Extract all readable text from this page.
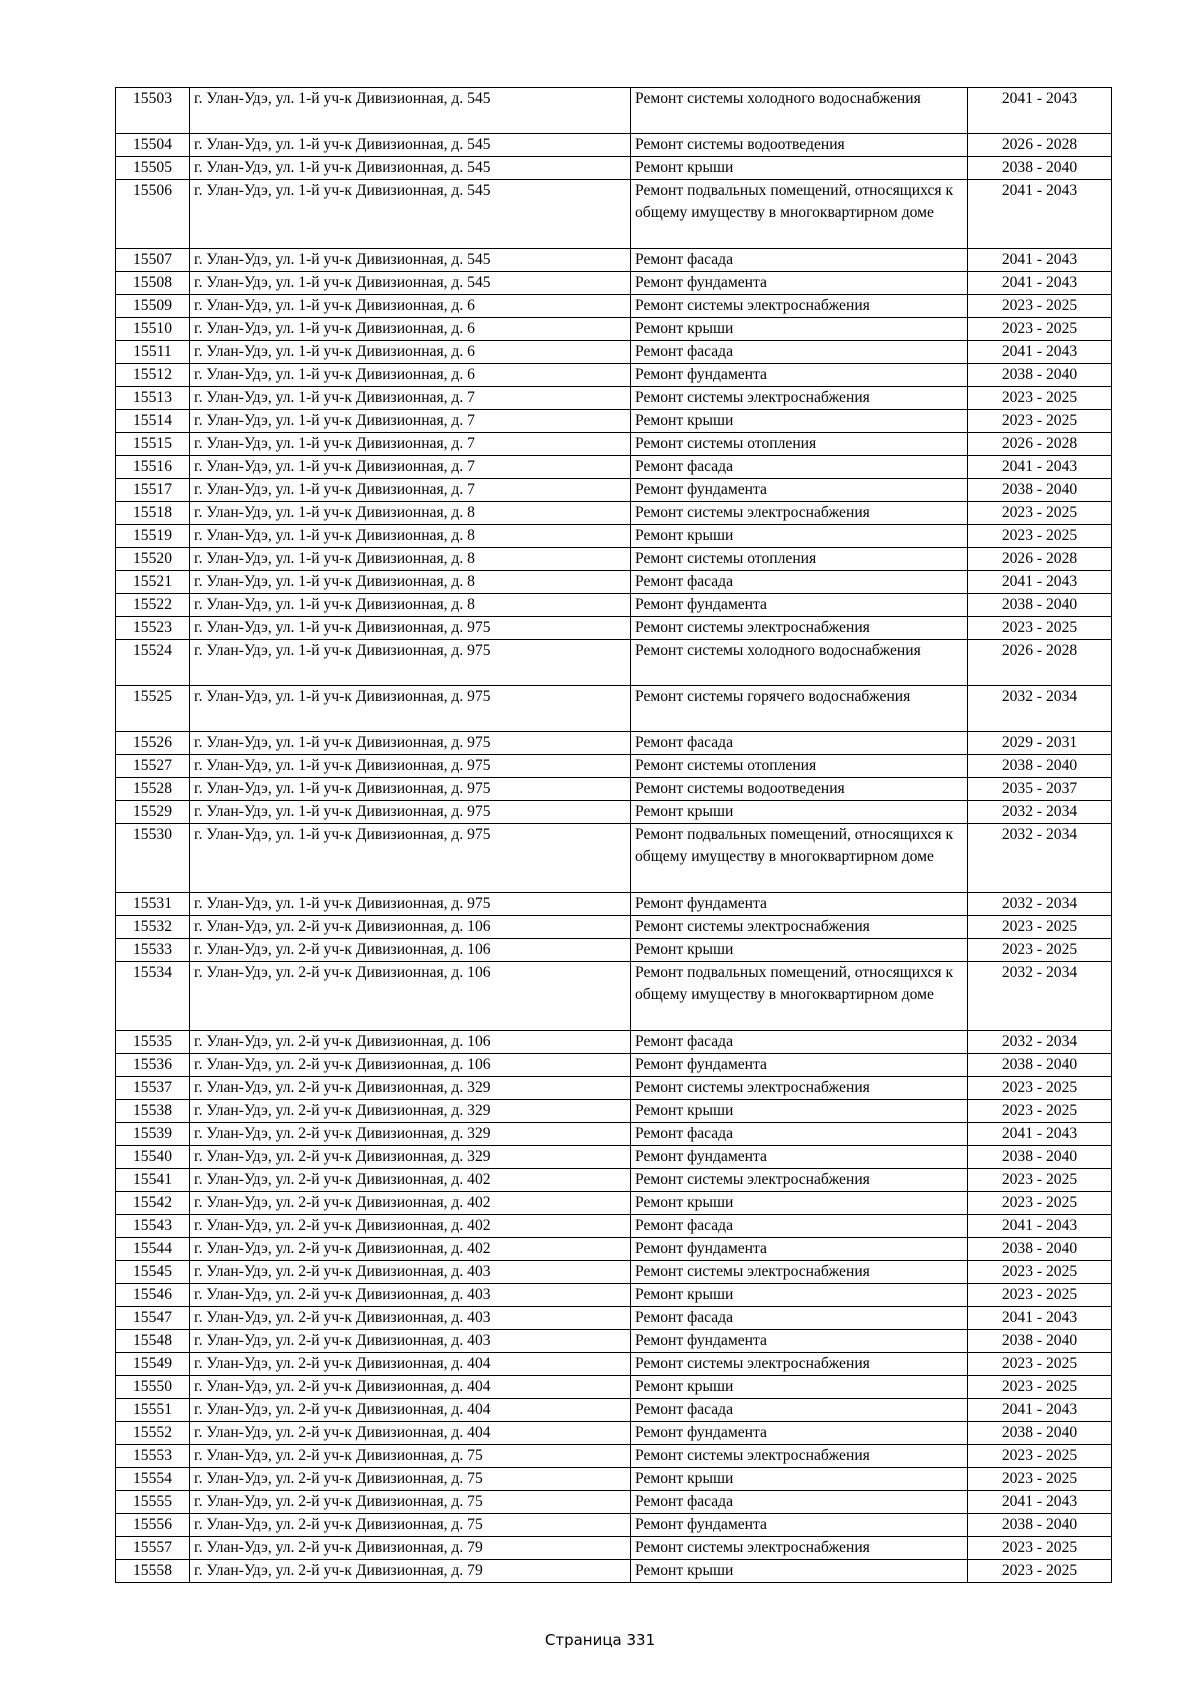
15503	г. Улан-Удэ, ул. 1-й уч-к Дивизионная, д. 545	Ремонт системы холодного водоснабжения	2041 - 2043
15504	г. Улан-Удэ, ул. 1-й уч-к Дивизионная, д. 545	Ремонт системы водоотведения	2026 - 2028
15505	г. Улан-Удэ, ул. 1-й уч-к Дивизионная, д. 545	Ремонт крыши	2038 - 2040
15506	г. Улан-Удэ, ул. 1-й уч-к Дивизионная, д. 545	Ремонт подвальных помещений, относящихся к общему имуществу в многоквартирном доме	2041 - 2043
15507	г. Улан-Удэ, ул. 1-й уч-к Дивизионная, д. 545	Ремонт фасада	2041 - 2043
15508	г. Улан-Удэ, ул. 1-й уч-к Дивизионная, д. 545	Ремонт фундамента	2041 - 2043
15509	г. Улан-Удэ, ул. 1-й уч-к Дивизионная, д. 6	Ремонт системы электроснабжения	2023 - 2025
15510	г. Улан-Удэ, ул. 1-й уч-к Дивизионная, д. 6	Ремонт крыши	2023 - 2025
15511	г. Улан-Удэ, ул. 1-й уч-к Дивизионная, д. 6	Ремонт фасада	2041 - 2043
15512	г. Улан-Удэ, ул. 1-й уч-к Дивизионная, д. 6	Ремонт фундамента	2038 - 2040
15513	г. Улан-Удэ, ул. 1-й уч-к Дивизионная, д. 7	Ремонт системы электроснабжения	2023 - 2025
15514	г. Улан-Удэ, ул. 1-й уч-к Дивизионная, д. 7	Ремонт крыши	2023 - 2025
15515	г. Улан-Удэ, ул. 1-й уч-к Дивизионная, д. 7	Ремонт системы отопления	2026 - 2028
15516	г. Улан-Удэ, ул. 1-й уч-к Дивизионная, д. 7	Ремонт фасада	2041 - 2043
15517	г. Улан-Удэ, ул. 1-й уч-к Дивизионная, д. 7	Ремонт фундамента	2038 - 2040
15518	г. Улан-Удэ, ул. 1-й уч-к Дивизионная, д. 8	Ремонт системы электроснабжения	2023 - 2025
15519	г. Улан-Удэ, ул. 1-й уч-к Дивизионная, д. 8	Ремонт крыши	2023 - 2025
15520	г. Улан-Удэ, ул. 1-й уч-к Дивизионная, д. 8	Ремонт системы отопления	2026 - 2028
15521	г. Улан-Удэ, ул. 1-й уч-к Дивизионная, д. 8	Ремонт фасада	2041 - 2043
15522	г. Улан-Удэ, ул. 1-й уч-к Дивизионная, д. 8	Ремонт фундамента	2038 - 2040
15523	г. Улан-Удэ, ул. 1-й уч-к Дивизионная, д. 975	Ремонт системы электроснабжения	2023 - 2025
15524	г. Улан-Удэ, ул. 1-й уч-к Дивизионная, д. 975	Ремонт системы холодного водоснабжения	2026 - 2028
15525	г. Улан-Удэ, ул. 1-й уч-к Дивизионная, д. 975	Ремонт системы горячего водоснабжения	2032 - 2034
15526	г. Улан-Удэ, ул. 1-й уч-к Дивизионная, д. 975	Ремонт фасада	2029 - 2031
15527	г. Улан-Удэ, ул. 1-й уч-к Дивизионная, д. 975	Ремонт системы отопления	2038 - 2040
15528	г. Улан-Удэ, ул. 1-й уч-к Дивизионная, д. 975	Ремонт системы водоотведения	2035 - 2037
15529	г. Улан-Удэ, ул. 1-й уч-к Дивизионная, д. 975	Ремонт крыши	2032 - 2034
15530	г. Улан-Удэ, ул. 1-й уч-к Дивизионная, д. 975	Ремонт подвальных помещений, относящихся к общему имуществу в многоквартирном доме	2032 - 2034
15531	г. Улан-Удэ, ул. 1-й уч-к Дивизионная, д. 975	Ремонт фундамента	2032 - 2034
15532	г. Улан-Удэ, ул. 2-й уч-к Дивизионная, д. 106	Ремонт системы электроснабжения	2023 - 2025
15533	г. Улан-Удэ, ул. 2-й уч-к Дивизионная, д. 106	Ремонт крыши	2023 - 2025
15534	г. Улан-Удэ, ул. 2-й уч-к Дивизионная, д. 106	Ремонт подвальных помещений, относящихся к общему имуществу в многоквартирном доме	2032 - 2034
15535	г. Улан-Удэ, ул. 2-й уч-к Дивизионная, д. 106	Ремонт фасада	2032 - 2034
15536	г. Улан-Удэ, ул. 2-й уч-к Дивизионная, д. 106	Ремонт фундамента	2038 - 2040
15537	г. Улан-Удэ, ул. 2-й уч-к Дивизионная, д. 329	Ремонт системы электроснабжения	2023 - 2025
15538	г. Улан-Удэ, ул. 2-й уч-к Дивизионная, д. 329	Ремонт крыши	2023 - 2025
15539	г. Улан-Удэ, ул. 2-й уч-к Дивизионная, д. 329	Ремонт фасада	2041 - 2043
15540	г. Улан-Удэ, ул. 2-й уч-к Дивизионная, д. 329	Ремонт фундамента	2038 - 2040
15541	г. Улан-Удэ, ул. 2-й уч-к Дивизионная, д. 402	Ремонт системы электроснабжения	2023 - 2025
15542	г. Улан-Удэ, ул. 2-й уч-к Дивизионная, д. 402	Ремонт крыши	2023 - 2025
15543	г. Улан-Удэ, ул. 2-й уч-к Дивизионная, д. 402	Ремонт фасада	2041 - 2043
15544	г. Улан-Удэ, ул. 2-й уч-к Дивизионная, д. 402	Ремонт фундамента	2038 - 2040
15545	г. Улан-Удэ, ул. 2-й уч-к Дивизионная, д. 403	Ремонт системы электроснабжения	2023 - 2025
15546	г. Улан-Удэ, ул. 2-й уч-к Дивизионная, д. 403	Ремонт крыши	2023 - 2025
15547	г. Улан-Удэ, ул. 2-й уч-к Дивизионная, д. 403	Ремонт фасада	2041 - 2043
15548	г. Улан-Удэ, ул. 2-й уч-к Дивизионная, д. 403	Ремонт фундамента	2038 - 2040
15549	г. Улан-Удэ, ул. 2-й уч-к Дивизионная, д. 404	Ремонт системы электроснабжения	2023 - 2025
15550	г. Улан-Удэ, ул. 2-й уч-к Дивизионная, д. 404	Ремонт крыши	2023 - 2025
15551	г. Улан-Удэ, ул. 2-й уч-к Дивизионная, д. 404	Ремонт фасада	2041 - 2043
15552	г. Улан-Удэ, ул. 2-й уч-к Дивизионная, д. 404	Ремонт фундамента	2038 - 2040
15553	г. Улан-Удэ, ул. 2-й уч-к Дивизионная, д. 75	Ремонт системы электроснабжения	2023 - 2025
15554	г. Улан-Удэ, ул. 2-й уч-к Дивизионная, д. 75	Ремонт крыши	2023 - 2025
15555	г. Улан-Удэ, ул. 2-й уч-к Дивизионная, д. 75	Ремонт фасада	2041 - 2043
15556	г. Улан-Удэ, ул. 2-й уч-к Дивизионная, д. 75	Ремонт фундамента	2038 - 2040
15557	г. Улан-Удэ, ул. 2-й уч-к Дивизионная, д. 79	Ремонт системы электроснабжения	2023 - 2025
15558	г. Улан-Удэ, ул. 2-й уч-к Дивизионная, д. 79	Ремонт крыши	2023 - 2025
Страница 331
